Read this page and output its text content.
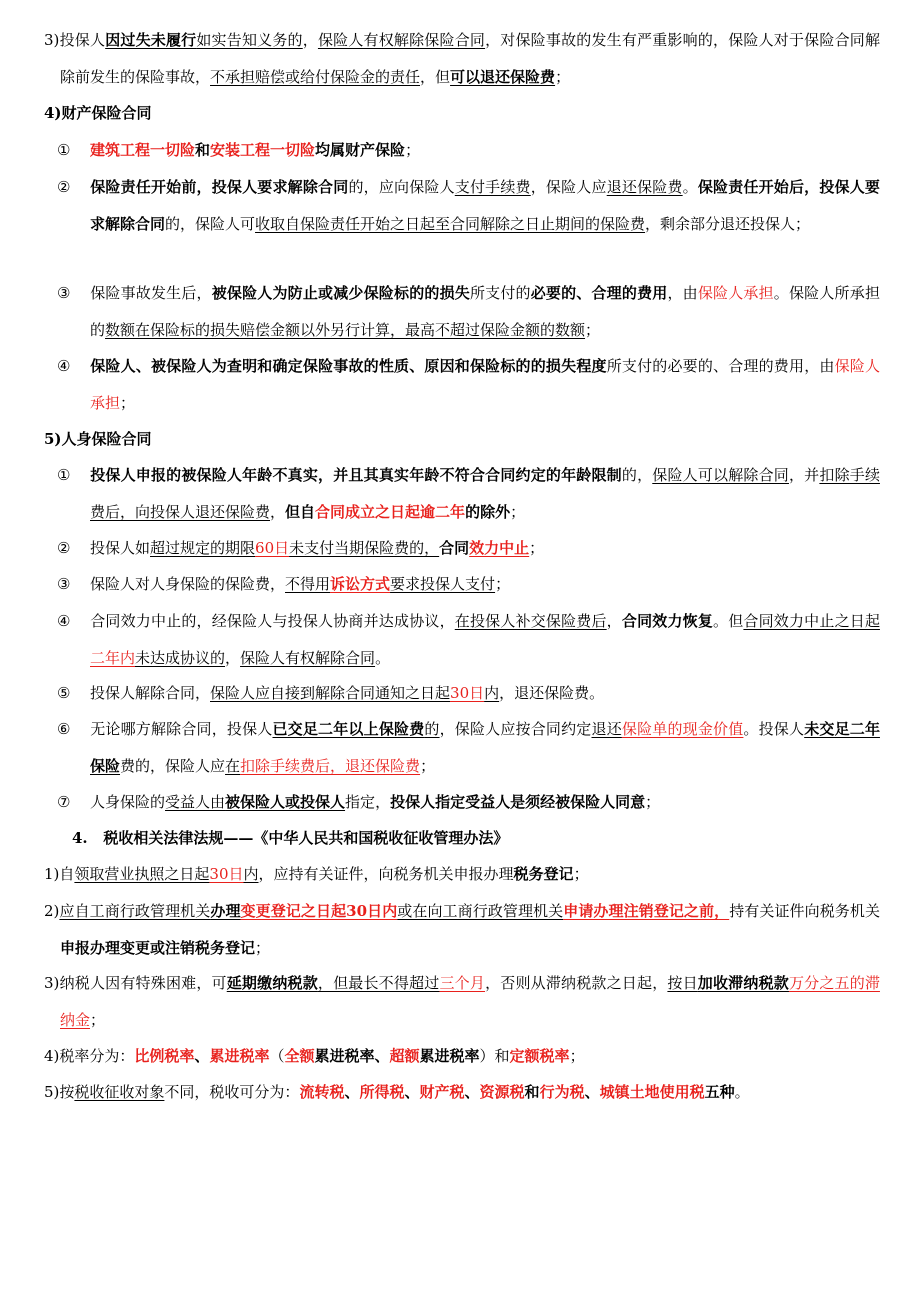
3)投保人因过失未履行如实告知义务的，保险人有权解除保险合同，对保险事故的发生有严重影响的，保险人对于保险合同解除前发生的保险事故，不承担赔偿或给付保险金的责任，但可以退还保险费；

4)财产保险合同

① 建筑工程一切险和安装工程一切险均属财产保险；

② 保险责任开始前，投保人要求解除合同的，应向保险人支付手续费，保险人应退还保险费。保险责任开始后，投保人要求解除合同的，保险人可收取自保险责任开始之日起至合同解除之日止期间的保险费，剩余部分退还投保人；

③ 保险事故发生后，被保险人为防止或减少保险标的的损失所支付的必要的、合理的费用，由保险人承担。保险人所承担的数额在保险标的损失赔偿金额以外另行计算，最高不超过保险金额的数额；

④ 保险人、被保险人为查明和确定保险事故的性质、原因和保险标的的损失程度所支付的必要的、合理的费用，由保险人承担；

5)人身保险合同

① 投保人申报的被保险人年龄不真实，并且其真实年龄不符合合同约定的年龄限制的，保险人可以解除合同，并扣除手续费后，向投保人退还保险费，但自合同成立之日起逾二年的除外；

② 投保人如超过规定的期限60日未支付当期保险费的，合同效力中止；

③ 保险人对人身保险的保险费，不得用诉讼方式要求投保人支付；

④ 合同效力中止的，经保险人与投保人协商并达成协议，在投保人补交保险费后，合同效力恢复。但合同效力中止之日起二年内未达成协议的，保险人有权解除合同。

⑤ 投保人解除合同，保险人应自接到解除合同通知之日起30日内，退还保险费。

⑥ 无论哪方解除合同，投保人已交足二年以上保险费的，保险人应按合同约定退还保险单的现金价值。投保人未交足二年保险费的，保险人应在扣除手续费后，退还保险费；

⑦ 人身保险的受益人由被保险人或投保人指定，投保人指定受益人是须经被保险人同意；

4.   税收相关法律法规——《中华人民共和国税收征收管理办法》

1)自领取营业执照之日起30日内，应持有关证件，向税务机关申报办理税务登记；

2)应自工商行政管理机关办理变更登记之日起30日内或在向工商行政管理机关申请办理注销登记之前，持有关证件向税务机关申报办理变更或注销税务登记；

3)纳税人因有特殊困难，可延期缴纳税款，但最长不得超过三个月，否则从滞纳税款之日起，按日加收滞纳税款万分之五的滞纳金；

4)税率分为：比例税率、累进税率（全额累进税率、超额累进税率）和定额税率；

5)按税收征收对象不同，税收可分为：流转税、所得税、财产税、资源税和行为税、城镇土地使用税五种。
